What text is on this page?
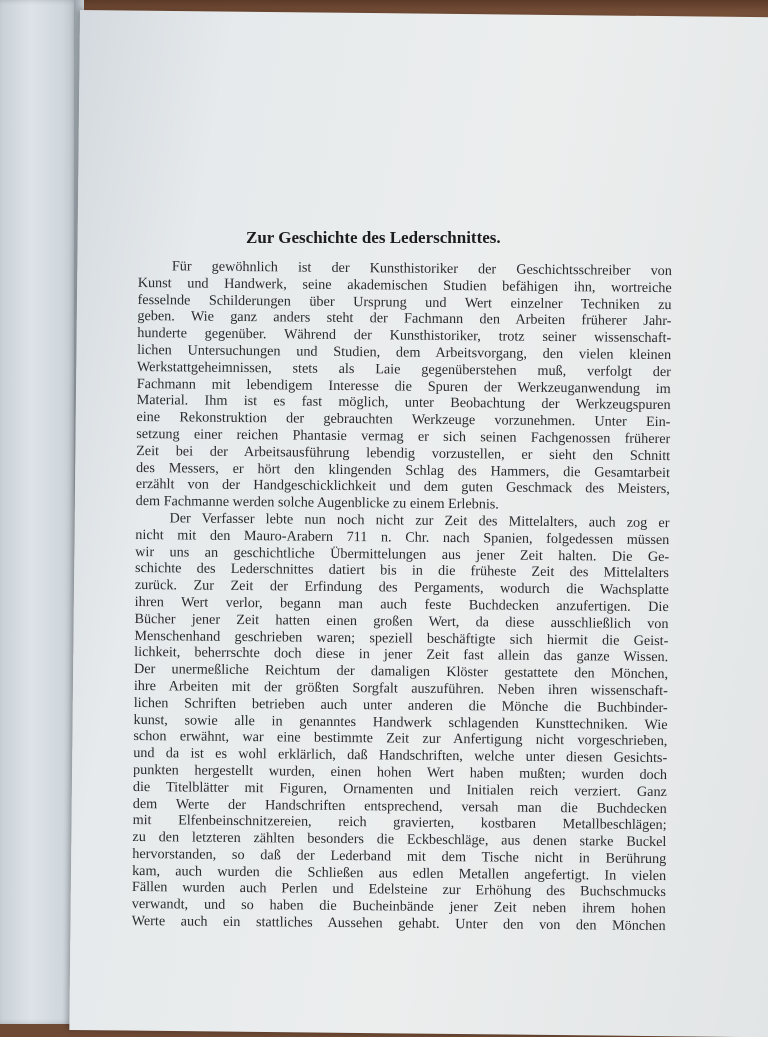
Zur Geschichte des Lederschnittes.
Für gewöhnlich ist der Kunsthistoriker der Geschichtsschreiber von
Kunst und Handwerk, seine akademischen Studien befähigen ihn, wortreiche
fesselnde Schilderungen über Ursprung und Wert einzelner Techniken zu
geben. Wie ganz anders steht der Fachmann den Arbeiten früherer Jahr-
hunderte gegenüber. Während der Kunsthistoriker, trotz seiner wissenschaft-
lichen Untersuchungen und Studien, dem Arbeitsvorgang, den vielen kleinen
Werkstattgeheimnissen, stets als Laie gegenüberstehen muß, verfolgt der
Fachmann mit lebendigem Interesse die Spuren der Werkzeuganwendung im
Material. Ihm ist es fast möglich, unter Beobachtung der Werkzeugspuren
eine Rekonstruktion der gebrauchten Werkzeuge vorzunehmen. Unter Ein-
setzung einer reichen Phantasie vermag er sich seinen Fachgenossen früherer
Zeit bei der Arbeitsausführung lebendig vorzustellen, er sieht den Schnitt
des Messers, er hört den klingenden Schlag des Hammers, die Gesamtarbeit
erzählt von der Handgeschicklichkeit und dem guten Geschmack des Meisters,
dem Fachmanne werden solche Augenblicke zu einem Erlebnis.
Der Verfasser lebte nun noch nicht zur Zeit des Mittelalters, auch zog er
nicht mit den Mauro-Arabern 711 n. Chr. nach Spanien, folgedessen müssen
wir uns an geschichtliche Übermittelungen aus jener Zeit halten. Die Ge-
schichte des Lederschnittes datiert bis in die früheste Zeit des Mittelalters
zurück. Zur Zeit der Erfindung des Pergaments, wodurch die Wachsplatte
ihren Wert verlor, begann man auch feste Buchdecken anzufertigen. Die
Bücher jener Zeit hatten einen großen Wert, da diese ausschließlich von
Menschenhand geschrieben waren; speziell beschäftigte sich hiermit die Geist-
lichkeit, beherrschte doch diese in jener Zeit fast allein das ganze Wissen.
Der unermeßliche Reichtum der damaligen Klöster gestattete den Mönchen,
ihre Arbeiten mit der größten Sorgfalt auszuführen. Neben ihren wissenschaft-
lichen Schriften betrieben auch unter anderen die Mönche die Buchbinder-
kunst, sowie alle in genanntes Handwerk schlagenden Kunsttechniken. Wie
schon erwähnt, war eine bestimmte Zeit zur Anfertigung nicht vorgeschrieben,
und da ist es wohl erklärlich, daß Handschriften, welche unter diesen Gesichts-
punkten hergestellt wurden, einen hohen Wert haben mußten; wurden doch
die Titelblätter mit Figuren, Ornamenten und Initialen reich verziert. Ganz
dem Werte der Handschriften entsprechend, versah man die Buchdecken
mit Elfenbeinschnitzereien, reich gravierten, kostbaren Metallbeschlägen;
zu den letzteren zählten besonders die Eckbeschläge, aus denen starke Buckel
hervorstanden, so daß der Lederband mit dem Tische nicht in Berührung
kam, auch wurden die Schließen aus edlen Metallen angefertigt. In vielen
Fällen wurden auch Perlen und Edelsteine zur Erhöhung des Buchschmucks
verwandt, und so haben die Bucheinbände jener Zeit neben ihrem hohen
Werte auch ein stattliches Aussehen gehabt. Unter den von den Mönchen
